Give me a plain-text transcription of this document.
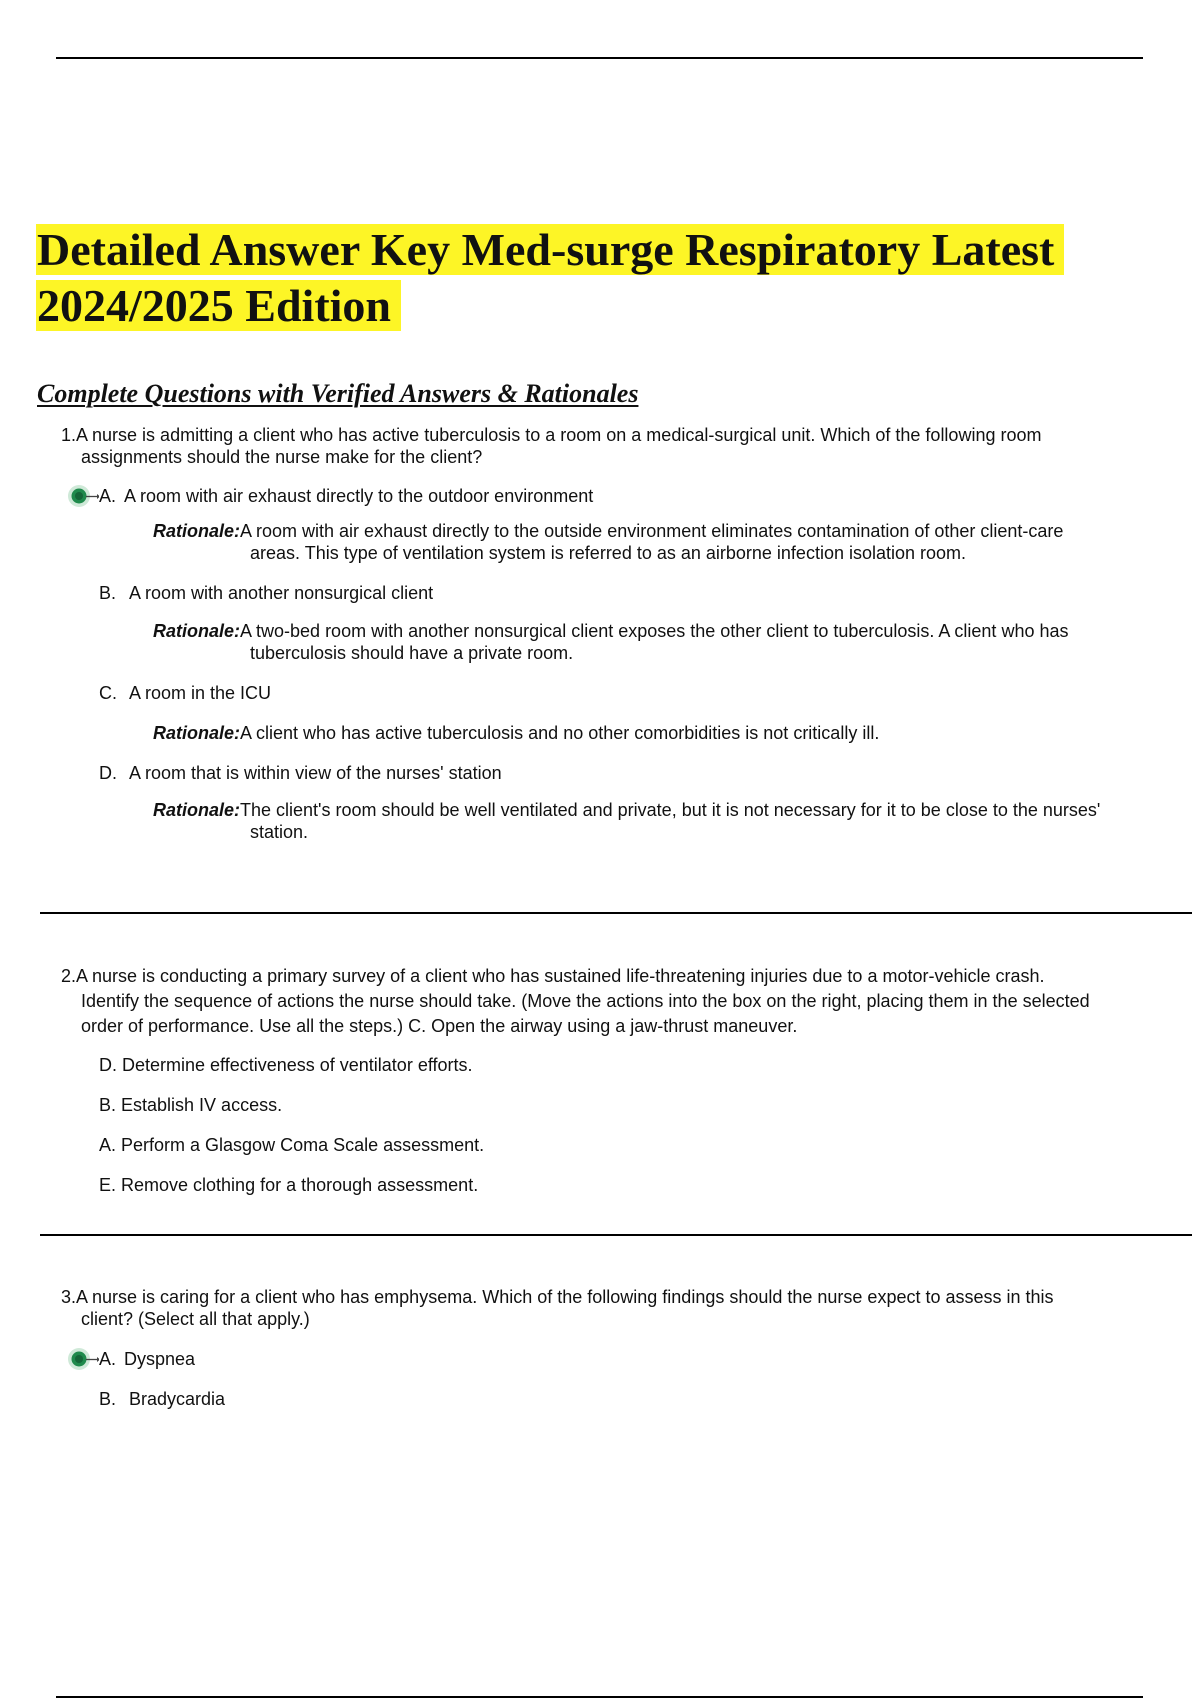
Detailed Answer Key Med-surge Respiratory Latest 2024/2025 Edition
Complete Questions with Verified Answers & Rationales

1.A nurse is admitting a client who has active tuberculosis to a room on a medical-surgical unit. Which of the following room assignments should the nurse make for the client?

A. A room with air exhaust directly to the outdoor environment

Rationale:A room with air exhaust directly to the outside environment eliminates contamination of other client-care areas. This type of ventilation system is referred to as an airborne infection isolation room.

B. A room with another nonsurgical client

Rationale:A two-bed room with another nonsurgical client exposes the other client to tuberculosis. A client who has tuberculosis should have a private room.

C. A room in the ICU

Rationale:A client who has active tuberculosis and no other comorbidities is not critically ill.

D. A room that is within view of the nurses' station

Rationale:The client's room should be well ventilated and private, but it is not necessary for it to be close to the nurses' station.

2.A nurse is conducting a primary survey of a client who has sustained life-threatening injuries due to a motor-vehicle crash. Identify the sequence of actions the nurse should take. (Move the actions into the box on the right, placing them in the selected order of performance. Use all the steps.) C. Open the airway using a jaw-thrust maneuver.

D. Determine effectiveness of ventilator efforts.

B. Establish IV access.

A. Perform a Glasgow Coma Scale assessment.

E. Remove clothing for a thorough assessment.

3.A nurse is caring for a client who has emphysema. Which of the following findings should the nurse expect to assess in this client? (Select all that apply.)

A. Dyspnea

B. Bradycardia
